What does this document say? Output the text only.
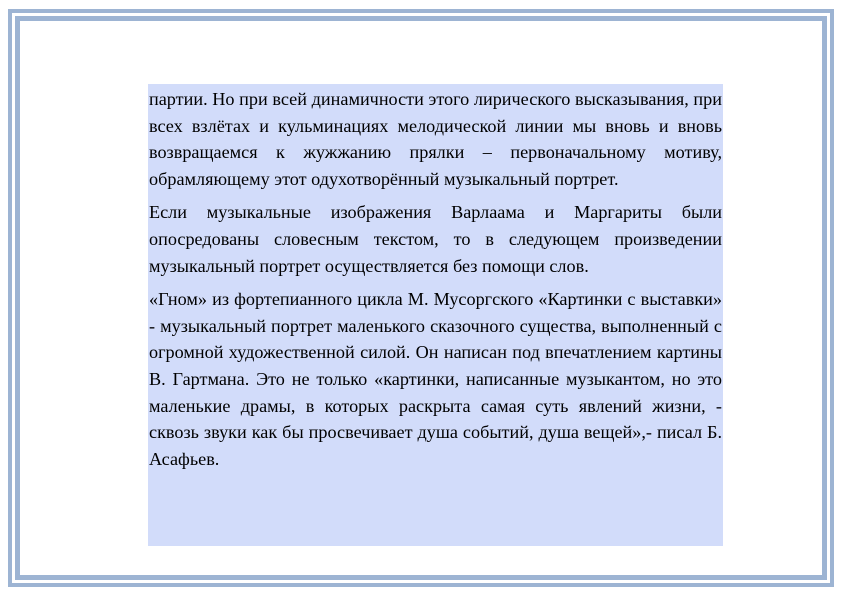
партии. Но при всей динамичности этого лирического высказывания, при всех взлётах и кульминациях мелодической линии мы вновь и вновь возвращаемся к жужжанию прялки – первоначальному мотиву, обрамляющему этот одухотворённый музыкальный портрет.

Если музыкальные изображения Варлаама и Маргариты были опосредованы словесным текстом, то в следующем произведении музыкальный портрет осуществляется без помощи слов.

«Гном» из фортепианного цикла М. Мусоргского «Картинки с выставки» - музыкальный портрет маленького сказочного существа, выполненный с огромной художественной силой. Он написан под впечатлением картины В. Гартмана. Это не только «картинки, написанные музыкантом, но это маленькие драмы, в которых раскрыта самая суть явлений жизни, - сквозь звуки как бы просвечивает душа событий, душа вещей»,- писал Б. Асафьев.
